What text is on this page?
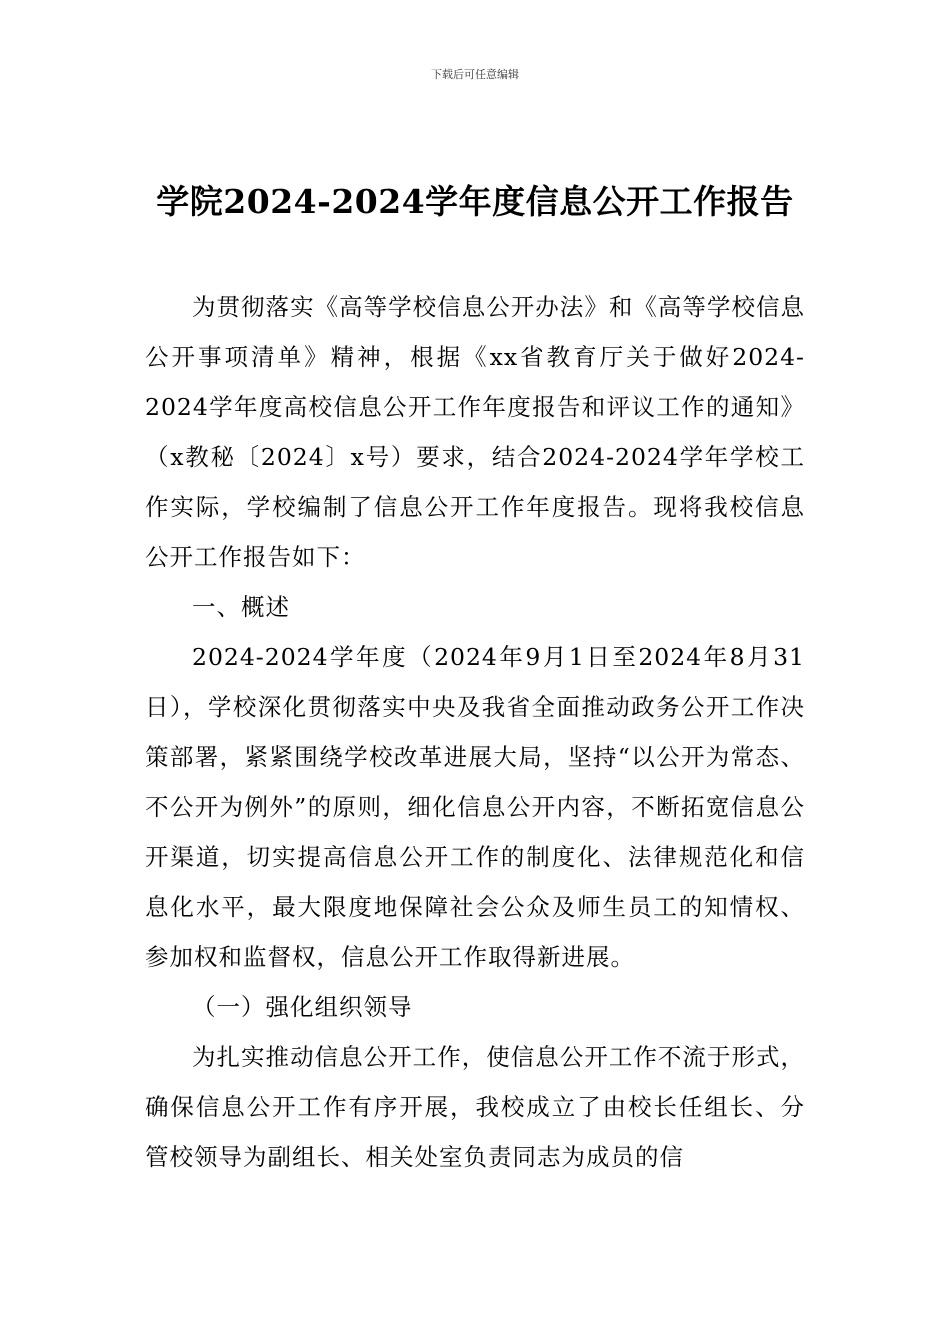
下载后可任意编辑
学院2024-2024学年度信息公开工作报告

为贯彻落实《高等学校信息公开办法》和《高等学校信息公开事项清单》精神，根据《xx省教育厅关于做好2024-2024学年度高校信息公开工作年度报告和评议工作的通知》（x教秘〔2024〕x号）要求，结合2024-2024学年学校工作实际，学校编制了信息公开工作年度报告。现将我校信息公开工作报告如下：

一、概述

2024-2024学年度（2024年9月1日至2024年8月31日），学校深化贯彻落实中央及我省全面推动政务公开工作决策部署，紧紧围绕学校改革进展大局，坚持“以公开为常态、不公开为例外”的原则，细化信息公开内容，不断拓宽信息公开渠道，切实提高信息公开工作的制度化、法律规范化和信息化水平，最大限度地保障社会公众及师生员工的知情权、参加权和监督权，信息公开工作取得新进展。

（一）强化组织领导

为扎实推动信息公开工作，使信息公开工作不流于形式，确保信息公开工作有序开展，我校成立了由校长任组长、分管校领导为副组长、相关处室负责同志为成员的信
